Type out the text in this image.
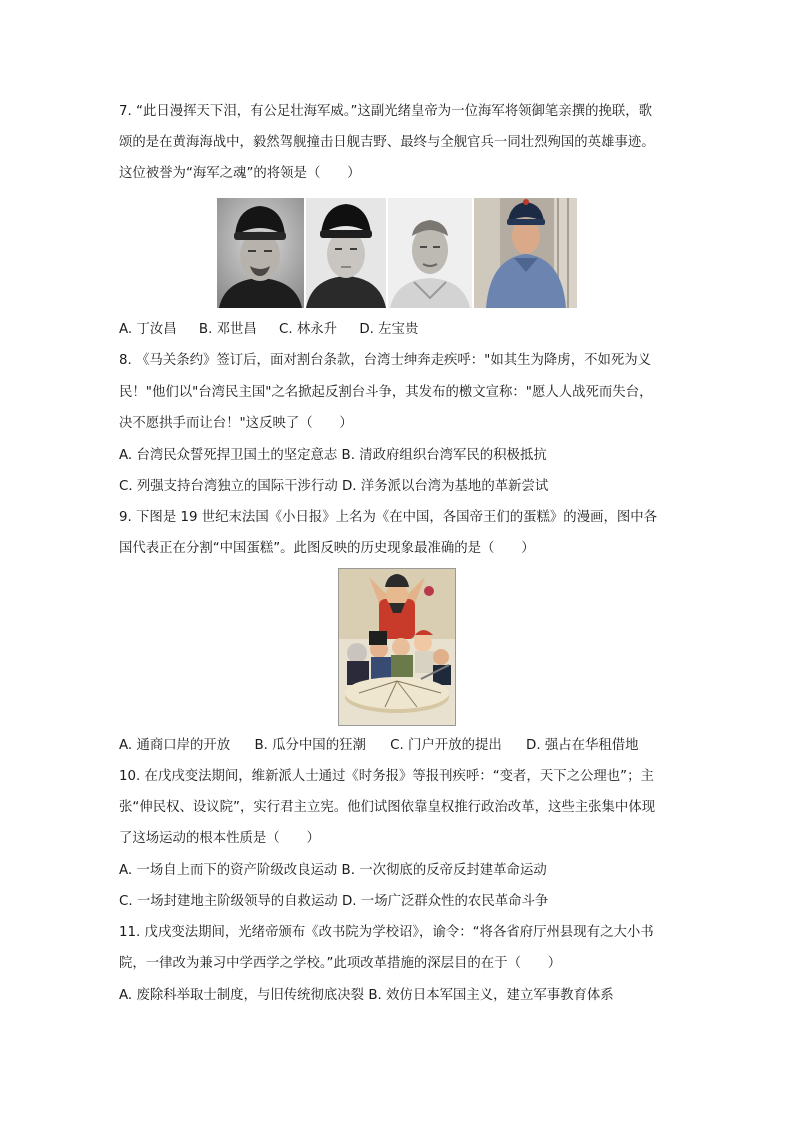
7. “此日漫挥天下泪，有公足壮海军威。”这副光绪皇帝为一位海军将领御笔亲撰的挽联，歌
颂的是在黄海海战中，毅然驾舰撞击日舰吉野、最终与全舰官兵一同壮烈殉国的英雄事迹。
这位被誉为“海军之魂”的将领是（　　）
A. 丁汝昌 B. 邓世昌 C. 林永升 D. 左宝贵
8. 《马关条约》签订后，面对割台条款，台湾士绅奔走疾呼："如其生为降虏，不如死为义
民！"他们以"台湾民主国"之名掀起反割台斗争，其发布的檄文宣称："愿人人战死而失台，
决不愿拱手而让台！"这反映了（　　）
A. 台湾民众誓死捍卫国土的坚定意志 B. 清政府组织台湾军民的积极抵抗
C. 列强支持台湾独立的国际干涉行动 D. 洋务派以台湾为基地的革新尝试
9. 下图是 19 世纪末法国《小日报》上名为《在中国，各国帝王们的蛋糕》的漫画，图中各
国代表正在分割“中国蛋糕”。此图反映的历史现象最准确的是（　　）
A. 通商口岸的开放 B. 瓜分中国的狂潮 C. 门户开放的提出 D. 强占在华租借地
10. 在戊戌变法期间，维新派人士通过《时务报》等报刊疾呼：“变者，天下之公理也”；主
张“伸民权、设议院”，实行君主立宪。他们试图依靠皇权推行政治改革，这些主张集中体现
了这场运动的根本性质是（　　）
A. 一场自上而下的资产阶级改良运动 B. 一次彻底的反帝反封建革命运动
C. 一场封建地主阶级领导的自救运动 D. 一场广泛群众性的农民革命斗争
11. 戊戌变法期间，光绪帝颁布《改书院为学校诏》，谕令：“将各省府厅州县现有之大小书
院，一律改为兼习中学西学之学校。”此项改革措施的深层目的在于（　　）
A. 废除科举取士制度，与旧传统彻底决裂 B. 效仿日本军国主义，建立军事教育体系
